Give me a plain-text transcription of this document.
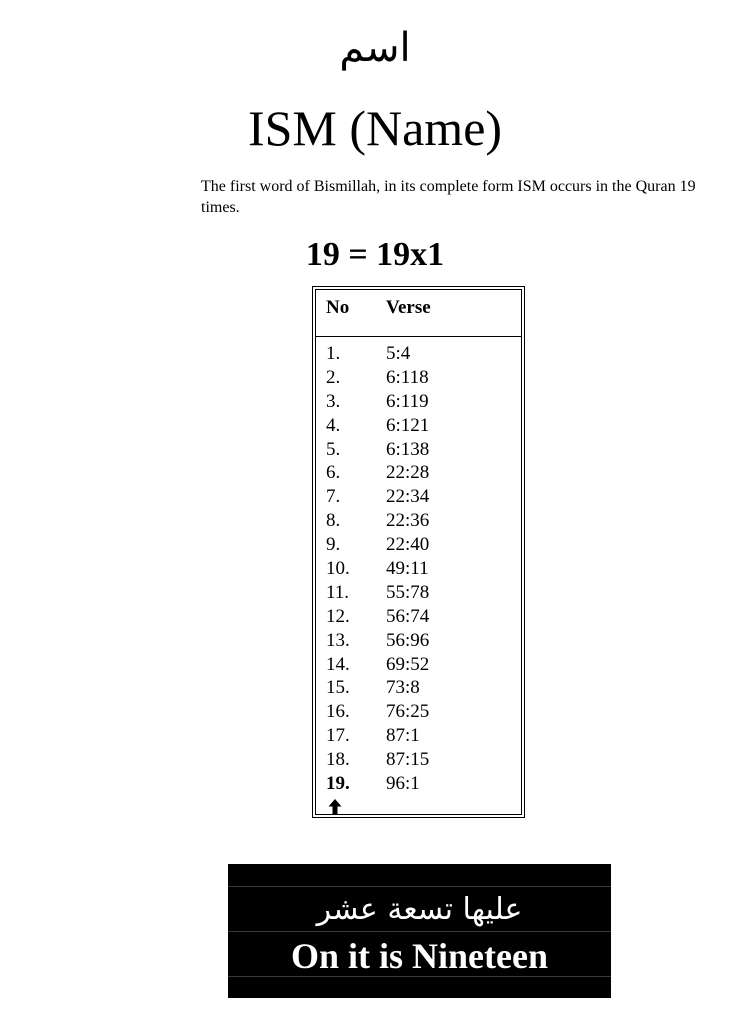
اسم
ISM (Name)

The first word of Bismillah, in its complete form ISM occurs in the Quran 19 times.

19 = 19x1
No Verse
1. 5:4
2. 6:118
3. 6:119
4. 6:121
5. 6:138
6. 22:28
7. 22:34
8. 22:36
9. 22:40
10. 49:11
11. 55:78
12. 56:74
13. 56:96
14. 69:52
15. 73:8
16. 76:25
17. 87:1
18. 87:15
19. 96:1
عليها تسعة عشر
On it is Nineteen
